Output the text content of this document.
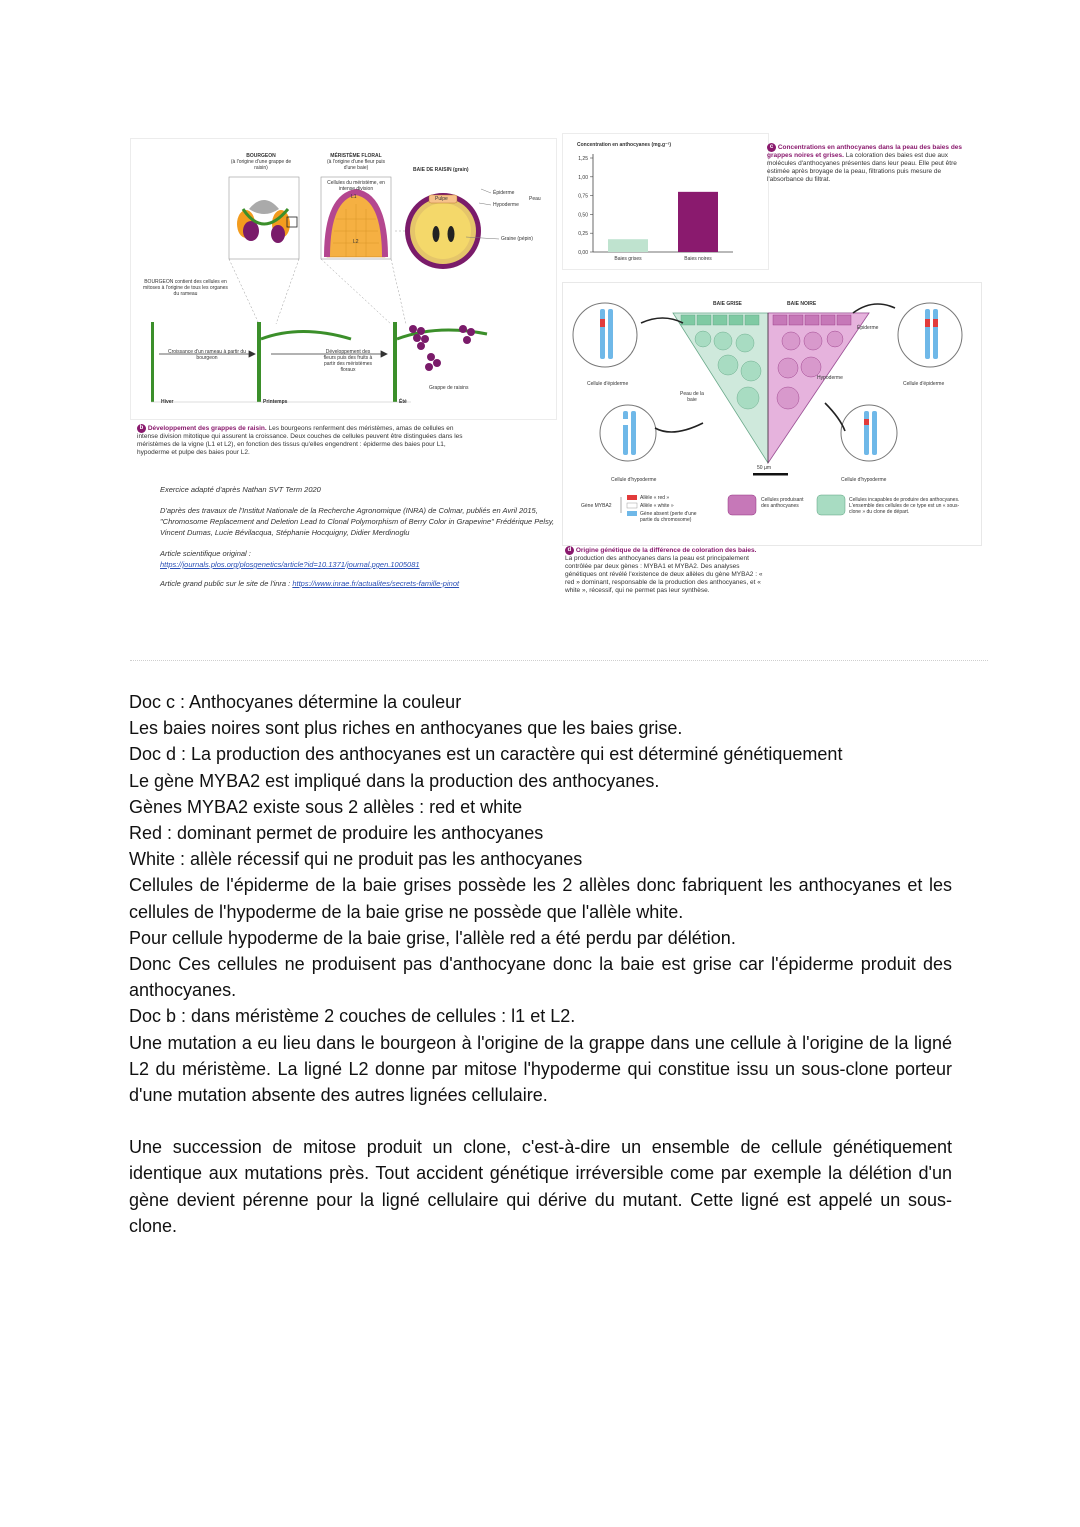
BOURGEON
(à l'origine d'une grappe de raisin)
MÉRISTÈME FLORAL
(à l'origine d'une fleur puis d'une baie)
Cellules du méristème, en intense division
L1
L2
BAIE DE RAISIN (grain)
Pulpe
Épiderme
Hypoderme
Peau
Graine (pépin)
BOURGEON contient des cellules en mitoses à l'origine de tous les organes du rameau
Croissance d'un rameau à partir du bourgeon
Développement des fleurs puis des fruits à partir des méristèmes floraux
Grappe de raisins
Hiver	Printemps	Été
b Développement des grappes de raisin. Les bourgeons renferment des méristèmes, amas de cellules en intense division mitotique qui assurent la croissance. Deux couches de cellules peuvent être distinguées dans les méristèmes de la vigne (L1 et L2), en fonction des tissus qu'elles engendrent : épiderme des baies pour L1, hypoderme et pulpe des baies pour L2.

Exercice adapté d'après Nathan SVT Term 2020

D'après des travaux de l'Institut Nationale de la Recherche Agronomique (INRA) de Colmar, publiés en Avril 2015, "Chromosome Replacement and Deletion Lead to Clonal Polymorphism of Berry Color in Grapevine" Frédérique Pelsy, Vincent Dumas, Lucie Bévilacqua, Stéphanie Hocquigny, Didier Merdinoglu

Article scientifique original :

https://journals.plos.org/plosgenetics/article?id=10.1371/journal.pgen.1005081

Article grand public sur le site de l'inra : https://www.inrae.fr/actualites/secrets-famille-pinot

Concentration en anthocyanes (mg.g⁻¹)
0,00
0,25
0,50
0,75
1,00
1,25
Baies grises	Baies noires
c Concentrations en anthocyanes dans la peau des baies des grappes noires et grises. La coloration des baies est due aux molécules d'anthocyanes présentes dans leur peau. Elle peut être estimée après broyage de la peau, filtrations puis mesure de l'absorbance du filtrat.
BAIE GRISE	BAIE NOIRE
Épiderme
Hypoderme
Peau de la baie
Cellule d'épiderme
Cellule d'hypoderme
Cellule d'épiderme
Cellule d'hypoderme
50 µm
Gène MYBA2
Allèle « red »
Allèle « white »
Gène absent (perte d'une partie du chromosome)
Cellules produisant des anthocyanes
Cellules incapables de produire des anthocyanes. L'ensemble des cellules de ce type est un « sous-clone » du clone de départ.
d Origine génétique de la différence de coloration des baies.
La production des anthocyanes dans la peau est principalement contrôlée par deux gènes : MYBA1 et MYBA2. Des analyses génétiques ont révélé l'existence de deux allèles du gène MYBA2 : « red » dominant, responsable de la production des anthocyanes, et « white », récessif, qui ne permet pas leur synthèse.

Doc c : Anthocyanes détermine la couleur

Les baies noires sont plus riches en anthocyanes que les baies grise.

Doc d : La production des anthocyanes est un caractère qui est déterminé génétiquement

Le gène MYBA2 est impliqué dans la production des anthocyanes.

Gènes MYBA2 existe sous 2 allèles : red et white

Red : dominant permet de produire les anthocyanes

White : allèle récessif qui ne produit pas les anthocyanes

Cellules de l'épiderme de la baie grises possède les 2 allèles donc fabriquent les anthocyanes et les cellules de l'hypoderme de la baie grise ne possède que l'allèle white.

Pour cellule hypoderme de la baie grise, l'allèle red a été perdu par délétion.

Donc Ces cellules ne produisent pas d'anthocyane donc la baie est grise car l'épiderme produit des anthocyanes.

Doc b : dans méristème 2 couches de cellules : l1 et L2.

Une mutation a eu lieu dans le bourgeon à l'origine de la grappe dans une cellule à l'origine de la ligné L2 du méristème. La ligné L2 donne par mitose l'hypoderme qui constitue issu un sous-clone porteur d'une mutation absente des autres lignées cellulaire.

Une succession de mitose produit un clone, c'est-à-dire un ensemble de cellule génétiquement identique aux mutations près. Tout accident génétique irréversible come par exemple la délétion d'un gène devient pérenne pour la ligné cellulaire qui dérive du mutant. Cette ligné est appelé un sous-clone.
